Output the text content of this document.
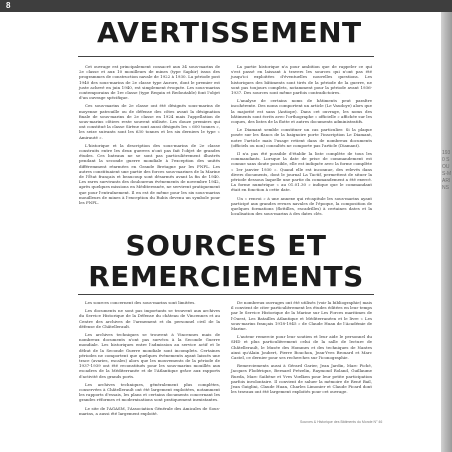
8
1930 SOUS-MARINS
AVERTISSEMENT

Cet ouvrage est principalement consacré aux 34 sous-marins de 2e classe et aux 10 mouilleurs de mines (type Saphir) issus des programmes de construction navale de 1922 à 1930. La période post 1940 des sous-marins de 2e classe type Aurore, dont le premier est juste achevé en juin 1940, est simplement évoquée. Les sous-marins contemporains de 1re classe (type Requin et Redoutable) font l'objet d'un ouvrage spécifique.

Ces sous-marins de 2e classe ont été désignés sous-marins de moyenne patrouille ou de défense des côtes avant la désignation finale de sous-marins de 2e classe en 1924 mais l'appellation de sous-marins côtiers reste souvent utilisée. Les douze premiers qui ont constitué la classe Sirène sont aussi désignés les « 600 tonnes », les seize suivants sont les 630 tonnes et les six derniers le type « Amirauté ».

L'historique et la description des sous-marins de 2e classe construits entre les deux guerres n'ont pas fait l'objet de grandes études. Ces bateaux ne se sont pas particulièrement illustrés pendant la seconde guerre mondiale à l'exception des unités différemment réarmées en Grande Bretagne par les FNFL. Les autres constituaient une partie des forces sous-marines de la Marine de l'État français et beaucoup sont désarmés avant la fin de 1940. Les rares survivants des douloureux évènements de novembre 1942, après quelques missions en Méditerranée, ne servirent pratiquement que pour l'entraînement. Il en est de même pour les six sous-marins mouilleurs de mines à l'exception du Rubis devenu un symbole pour les FNFL.

La partie historique n'a pour ambition que de rappeler ce qui s'est passé en laissant à travers les sources qui n'ont pas été jusqu'ici exploitées d'éventuelles nouvelles questions. Les historiques des bâtiments sont tirés de la période de la guerre, ne sont pas toujours complets, notamment pour la période avant 1936-1937. Des sources sont même parfois contradictoires.

L'analyse de certains noms de bâtiments peut paraître incohérente. Des noms comportent un article (Le Vaudoye) alors que la majorité est sans (Antiope). Dans cet ouvrage, les noms des bâtiments sont écrits avec l'orthographe « officielle » affichée sur les coques, des listes de la flotte et autres documents administratifs.

Le Diamant semble constituer un cas particulier. Si la plaque posée sur les flancs de la baignoire porte l'inscription Le Diamant, notre l'article mais l'usage retient dans de nombreux documents (officiels ou non) consultés ne comporte pas l'article (Diamant).

Il n'a pas été possible d'établir la liste complète de tous les commandants. Lorsque la date de prise de commandement est connue sans doute possible, elle est indiquée avec la forme complète « 1er janvier 1930 ». Quand elle est inconnue, des relevés dans divers documents, dont le journal La Tactif, permettent de situer la période dessous laquelle une partie du commandement a été exercé. La forme numérique « au 01.01.30 » indique que le commandant était en fonction à cette date.

Un « renvoi » à une annexe qui récapitule les sous-marins ayant participé aux grandes revues navales de l'époque, la composition de quelques formations (flottilles, escadrilles) à certaines dates et la localisation des sous-marins à des dates clés.

SOURCES ET
REMERCIEMENTS

Les sources concernent des sous-marins sont limitées.

Les documents ne sont pas importants se trouvent aux archives du Service Historique de la Défense du château de Vincennes et au Centre des archives de l'armement et du personnel civil de la défense de Châtellerault.

Les archives techniques se trouvent à Vincennes mais de nombreux documents n'ont pas survécu à la Seconde Guerre mondiale. Les historiques entre l'admission au service actif et le début de la Seconde Guerre mondiale sont incomplets. Certaines périodes ne comportent que quelques évènements ayant laissés une trace (avaries, escales) alors que les mouvements de la période de 1937-1939 ont été reconstitués pour les sous-marins mouillés aux escadres de la Méditerranée et de l'Atlantique grâce aux rapports d'activité des grands ports.

Les archives techniques, généralement plus complètes, conservées à Châtellerault ont été largement exploitées, notamment les rapports d'essais, les plans et certains documents concernant les grandes réformes et modernisations sont pratiquement inexistantes.

Le site de l'AGASM, l'Association Générale des Amicales de Sous-marins, a aussi été largement exploité.

De nombreux ouvrages ont été utilisés (voir la bibliographie) mais il convient de citer particulièrement les études éditées en leur temps par le Service Historique de la Marine sur Les Forces maritimes de l'Ouest, Les Batailles Atlantique et Méditerranéen et le livre « Les sous-marins français 1918-1945 » de Claude Huan de l'Académie de Marine.

L'auteur remercie pour leur soutien et leur aide le personnel du SHD et plus particulièrement celui de la salle de lecture de Châtellerault, le Musée des Hommes et des techniques de Nantes ainsi qu'Alain Joubert, Pierre Bouchon, Jean-Yves Brouard et Marc Castel, ce dernier pour ses recherches sur l'iconographie.

Remerciements aussi à Gérard Garier, Jean Jardin, Marc Piché, Jacques Flodérique, Bernard Prézelin, Raymond Roland, Guillaume Rueda, Marc Saibène et Yves Voelken pour leur petite participation parfois involontaire. Il convient de saluer la mémoire de René Bail, Jean Guiglini, Claude Huan, Charles Limonier et Claude Picard dont les travaux ont été largement exploités pour cet ouvrage.

Sources & Historique des Bâtiments du Monde N° 46
